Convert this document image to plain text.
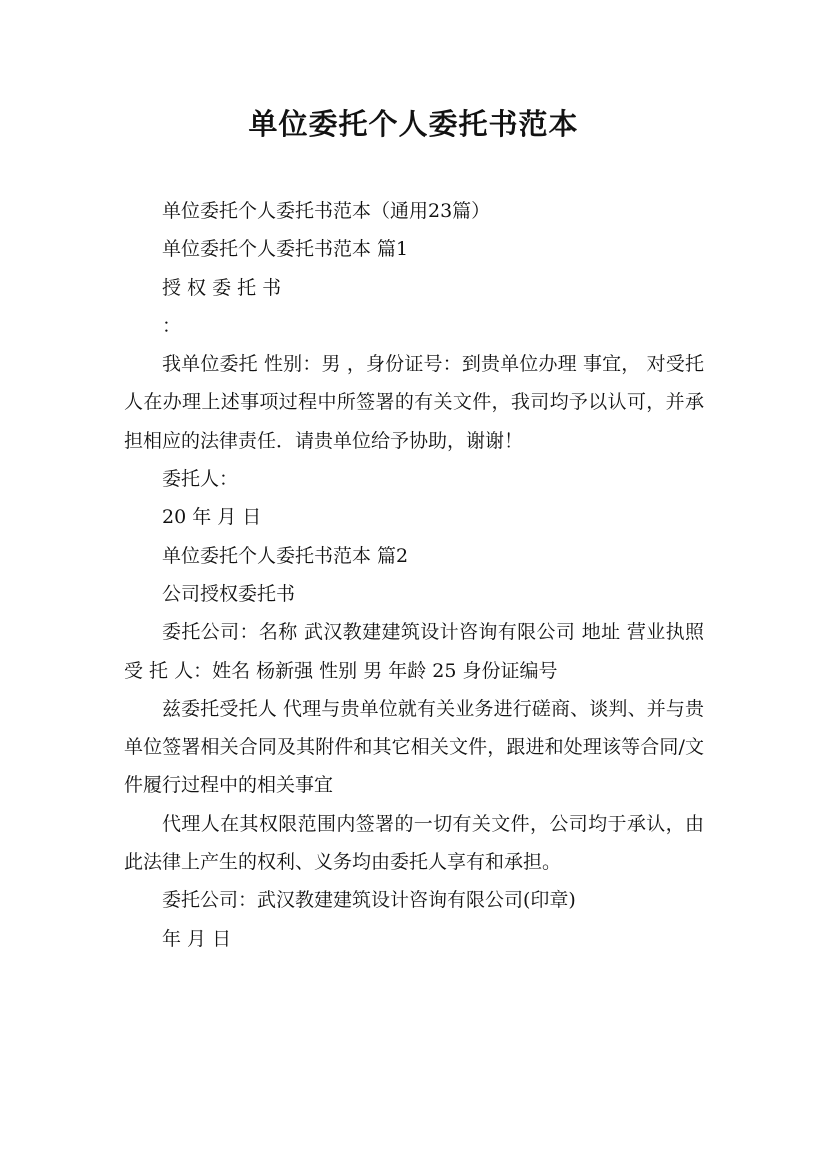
单位委托个人委托书范本

单位委托个人委托书范本（通用23篇）

单位委托个人委托书范本 篇1

授 权 委 托 书

：

我单位委托 性别：男 ，身份证号：到贵单位办理 事宜， 对受托人在办理上述事项过程中所签署的有关文件，我司均予以认可，并承担相应的法律责任．请贵单位给予协助，谢谢！

委托人：

20 年 月 日

单位委托个人委托书范本 篇2

公司授权委托书

委托公司：名称 武汉教建建筑设计咨询有限公司 地址 营业执照受 托 人：姓名 杨新强 性别 男 年龄 25 身份证编号

兹委托受托人 代理与贵单位就有关业务进行磋商、谈判、并与贵单位签署相关合同及其附件和其它相关文件，跟进和处理该等合同/文件履行过程中的相关事宜

代理人在其权限范围内签署的一切有关文件，公司均于承认，由此法律上产生的权利、义务均由委托人享有和承担。

委托公司：武汉教建建筑设计咨询有限公司(印章)

年 月 日
